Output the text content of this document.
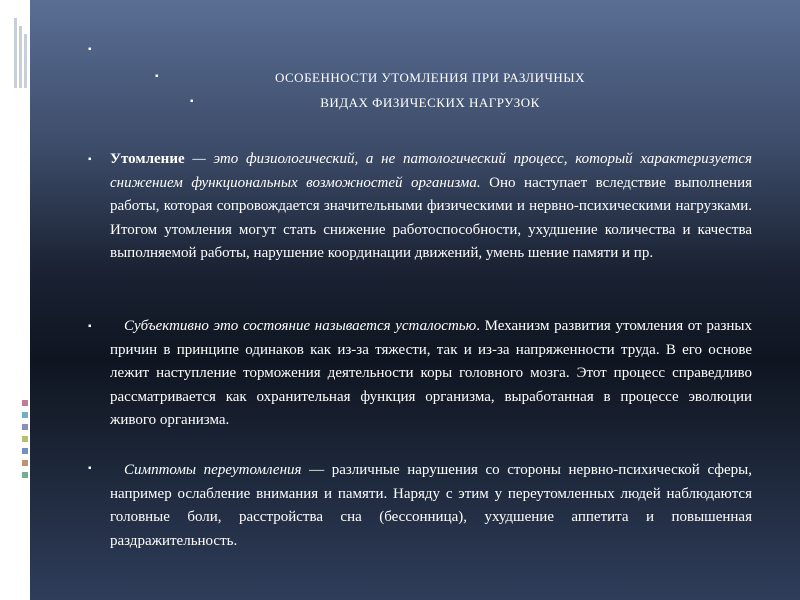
▪
▪
▪
ОСОБЕННОСТИ УТОМЛЕНИЯ ПРИ РАЗЛИЧНЫХ
ВИДАХ ФИЗИЧЕСКИХ НАГРУЗОК
▪ Утомление — это физиологический, а не патологический процесс, который характеризуется снижением функциональных возможностей организма. Оно наступает вследствие выполнения работы, которая сопровождается значительными физическими и нервно-психическими нагрузками. Итогом утомления могут стать снижение работоспособности, ухудшение количества и качества выполняемой работы, нарушение координации движений, умень шение памяти и пр.
▪	Субъективно это состояние называется усталостью. Механизм развития утомления от разных причин в принципе одинаков как из-за тяжести, так и из-за напряженности труда. В его основе лежит наступление торможения деятельности коры головного мозга. Этот процесс справедливо рассматривается как охранительная функция организма, выработанная в процессе эволюции живого организма.
▪	Симптомы переутомления — различные нарушения со стороны нервно-психической сферы, например ослабление внимания и памяти. Наряду с этим у переутомленных людей наблюдаются головные боли, расстройства сна (бессонница), ухудшение аппетита и повышенная раздражительность.
